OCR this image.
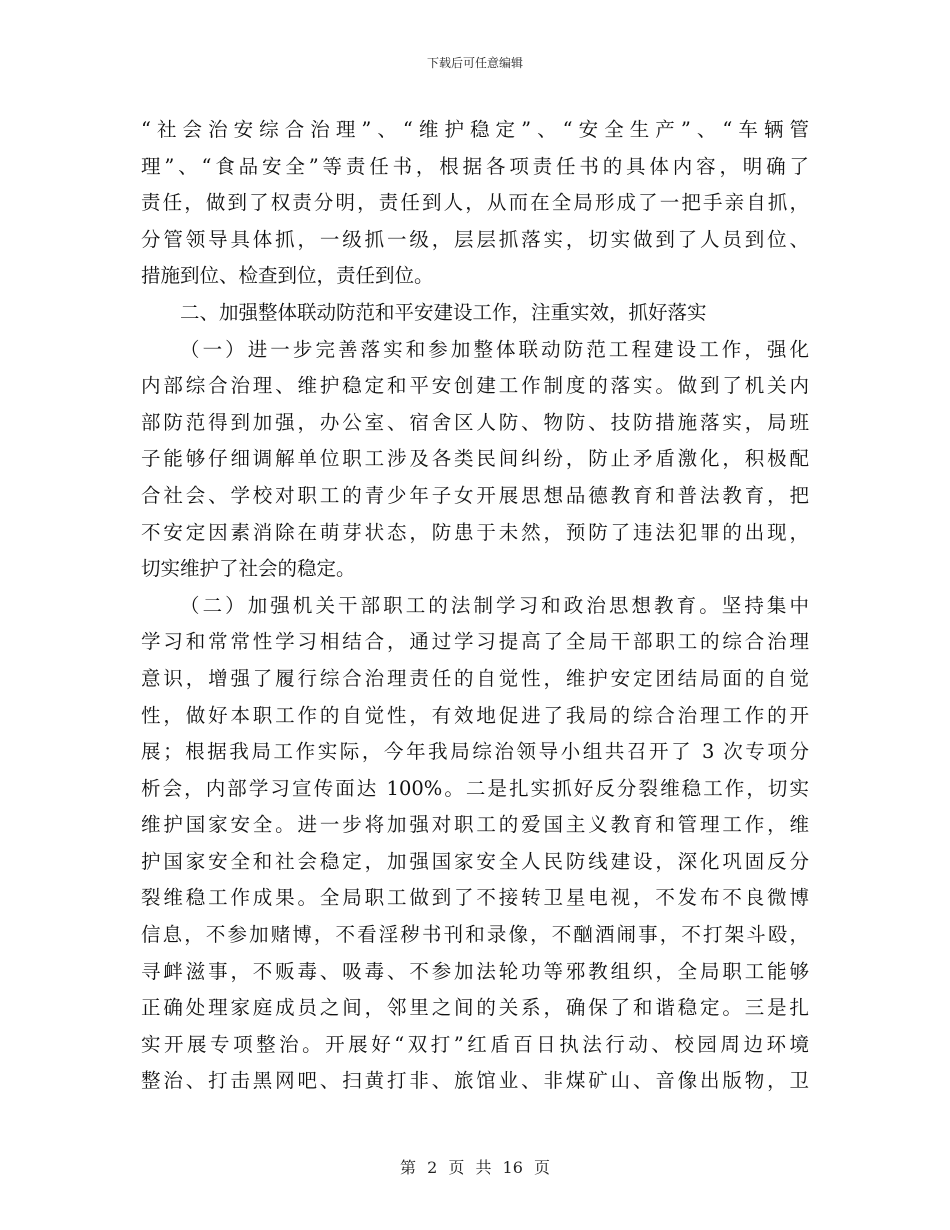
下载后可任意编辑
“社会治安综合治理”、“维护稳定”、“安全生产”、“车辆管
理”、“食品安全”等责任书，根据各项责任书的具体内容，明确了
责任，做到了权责分明，责任到人，从而在全局形成了一把手亲自抓，
分管领导具体抓，一级抓一级，层层抓落实，切实做到了人员到位、
措施到位、检查到位，责任到位。
二、加强整体联动防范和平安建设工作，注重实效，抓好落实
（一）进一步完善落实和参加整体联动防范工程建设工作，强化
内部综合治理、维护稳定和平安创建工作制度的落实。做到了机关内
部防范得到加强，办公室、宿舍区人防、物防、技防措施落实，局班
子能够仔细调解单位职工涉及各类民间纠纷，防止矛盾激化，积极配
合社会、学校对职工的青少年子女开展思想品德教育和普法教育，把
不安定因素消除在萌芽状态，防患于未然，预防了违法犯罪的出现，
切实维护了社会的稳定。
（二）加强机关干部职工的法制学习和政治思想教育。坚持集中
学习和常常性学习相结合，通过学习提高了全局干部职工的综合治理
意识，增强了履行综合治理责任的自觉性，维护安定团结局面的自觉
性，做好本职工作的自觉性，有效地促进了我局的综合治理工作的开
展；根据我局工作实际，今年我局综治领导小组共召开了 3 次专项分
析会，内部学习宣传面达 100%。二是扎实抓好反分裂维稳工作，切实
维护国家安全。进一步将加强对职工的爱国主义教育和管理工作，维
护国家安全和社会稳定，加强国家安全人民防线建设，深化巩固反分
裂维稳工作成果。全局职工做到了不接转卫星电视，不发布不良微博
信息，不参加赌博，不看淫秽书刊和录像，不酗酒闹事，不打架斗殴，
寻衅滋事，不贩毒、吸毒、不参加法轮功等邪教组织，全局职工能够
正确处理家庭成员之间，邻里之间的关系，确保了和谐稳定。三是扎
实开展专项整治。开展好“双打”红盾百日执法行动、校园周边环境
整治、打击黑网吧、扫黄打非、旅馆业、非煤矿山、音像出版物，卫
第 2 页 共 16 页
